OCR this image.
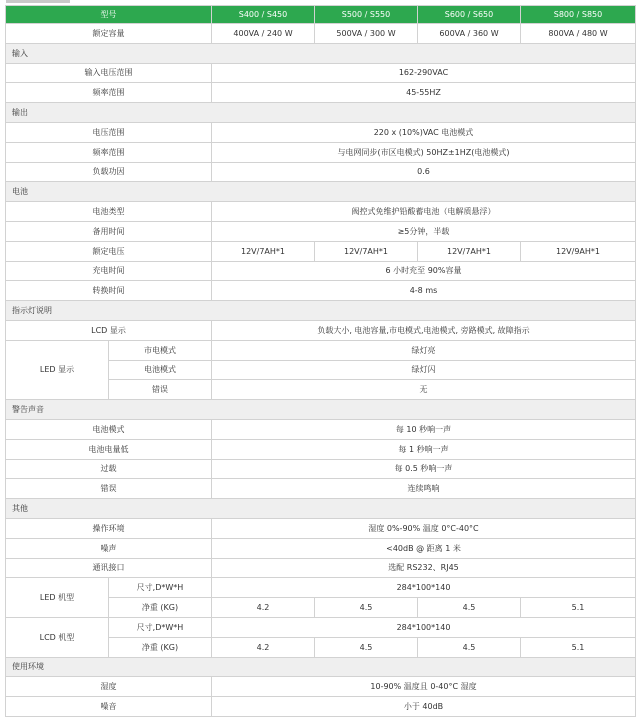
型号		S400 / S450	S500 / S550	S600 / S650	S800 / S850
额定容量		400VA / 240 W	500VA / 300 W	600VA / 360 W	800VA / 480 W
输入					
输入电压范围		162-290VAC			
频率范围		45-55HZ			
输出					
电压范围		220 x (10%)VAC 电池模式			
频率范围		与电网同步(市区电模式) 50HZ±1HZ(电池模式)			
负载功因		0.6			
电池					
电池类型		阀控式免维护铅酸蓄电池（电解质悬浮）			
备用时间		≥5分钟，半载			
额定电压		12V/7AH*1	12V/7AH*1	12V/7AH*1	12V/9AH*1
充电时间		6 小时充至 90%容量			
转换时间		4-8 ms			
指示灯说明					
LCD 显示		负载大小, 电池容量,市电模式,电池模式, 旁路模式, 故障指示			
LED 显示	市电模式	绿灯亮			
	电池模式	绿灯闪			
	错误	无			
警告声音					
电池模式		每 10 秒响一声			
电池电量低		每 1 秒响一声			
过载		每 0.5 秒响一声			
错误		连续鸣响			
其他					
操作环境		湿度 0%-90% 温度 0°C-40°C			
噪声		<40dB @ 距离 1 米			
通讯接口		选配 RS232、RJ45			
LED 机型	尺寸,D*W*H	284*100*140			
	净重 (KG)	4.2	4.5	4.5	5.1
LCD 机型	尺寸,D*W*H	284*100*140			
	净重 (KG)	4.2	4.5	4.5	5.1
使用环境					
湿度		10-90% 温度且 0-40°C 湿度			
噪音		小于 40dB			
